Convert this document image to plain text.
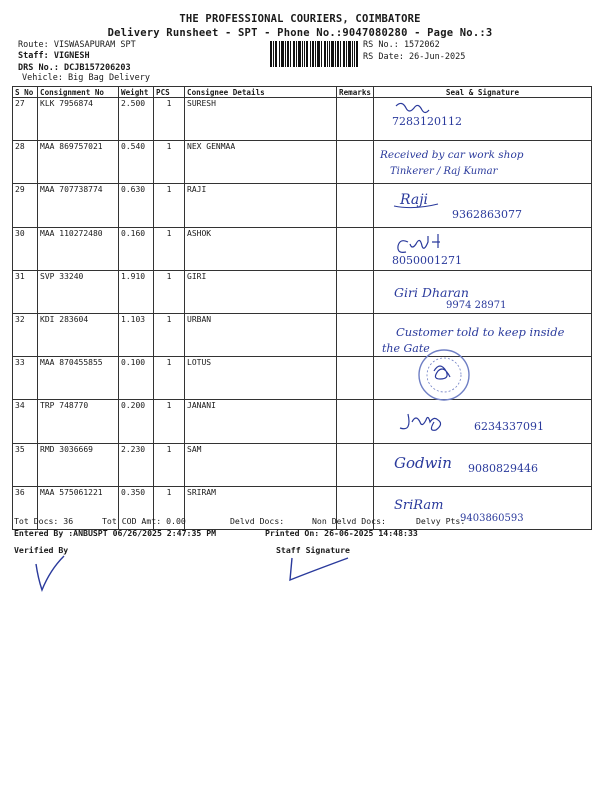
THE PROFESSIONAL COURIERS, COIMBATORE
Delivery Runsheet - SPT - Phone No.:9047080280 - Page No.:3
Route: VISWASAPURAM SPT
Staff: VIGNESH
DRS No.: DCJB157206203
Vehicle: Big Bag Delivery
RS No.: 1572062
RS Date: 26-Jun-2025
S No	Consignment No	Weight	PCS	Consignee Details	Remarks	Seal & Signature
27	KLK 7956874	2.500	1	SURESH		7283120112

28	MAA 869757021	0.540	1	NEX GENMAA		Received by car work shop
Tinkerer / Raj Kumar

29	MAA 707738774	0.630	1	RAJI		Raji
9362863077

30	MAA 110272480	0.160	1	ASHOK		8050001271

31	SVP 33240	1.910	1	GIRI		Giri Dharan
9974 28971

32	KDI 283604	1.103	1	URBAN		Customer told to keep inside
the Gate

33	MAA 870455855	0.100	1	LOTUS		

34	TRP 748770	0.200	1	JANANI		6234337091

35	RMD 3036669	2.230	1	SAM		Godwin 9080829446

36	MAA 575061221	0.350	1	SRIRAM		SriRam
9403860593
Tot Docs: 36	Tot COD Amt: 0.00	Delvd Docs:	Non Delvd Docs:	Delvy Pts:
Entered By :ANBUSPT 06/26/2025 2:47:35 PM	Printed On: 26-06-2025 14:48:33
Verified By	Staff Signature
